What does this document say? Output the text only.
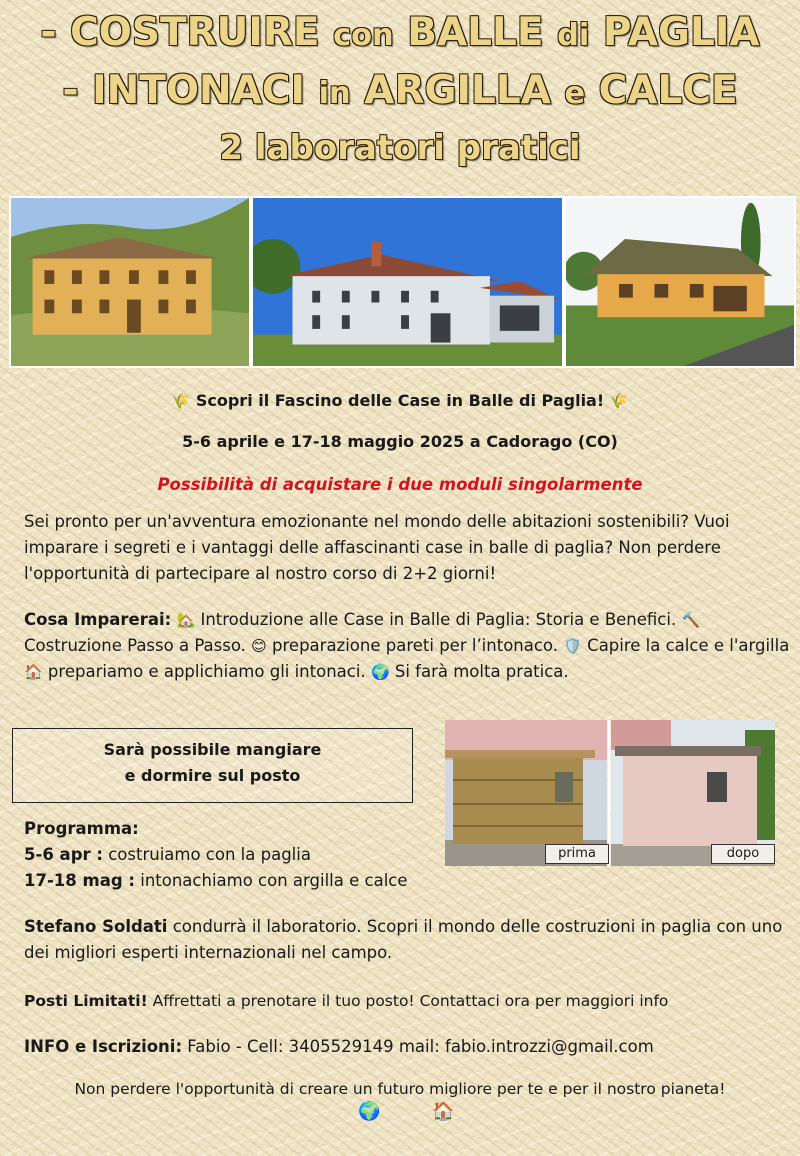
- COSTRUIRE con BALLE di PAGLIA
- INTONACI in ARGILLA e CALCE
2 laboratori pratici
🌾 Scopri il Fascino delle Case in Balle di Paglia! 🌾
5-6 aprile e 17-18 maggio 2025 a Cadorago (CO)
Possibilità di acquistare i due moduli singolarmente
Sei pronto per un'avventura emozionante nel mondo delle abitazioni sostenibili? Vuoi imparare i segreti e i vantaggi delle affascinanti case in balle di paglia? Non perdere l'opportunità di partecipare al nostro corso di 2+2 giorni!
Cosa Imparerai: 🏡 Introduzione alle Case in Balle di Paglia: Storia e Benefici. 🔨 Costruzione Passo a Passo. 😊 preparazione pareti per l’intonaco. 🛡️ Capire la calce e l'argilla 🏠 prepariamo e applichiamo gli intonaci. 🌍 Si farà molta pratica.
Sarà possibile mangiare
e dormire sul posto
prima	dopo
Programma:
5-6 apr : costruiamo con la paglia
17-18 mag : intonachiamo con argilla e calce
Stefano Soldati condurrà il laboratorio. Scopri il mondo delle costruzioni in paglia con uno dei migliori esperti internazionali nel campo.
Posti Limitati! Affrettati a prenotare il tuo posto! Contattaci ora per maggiori info
INFO e Iscrizioni: Fabio - Cell: 3405529149 mail: fabio.introzzi@gmail.com
Non perdere l'opportunità di creare un futuro migliore per te e per il nostro pianeta!
🌍	🏠
